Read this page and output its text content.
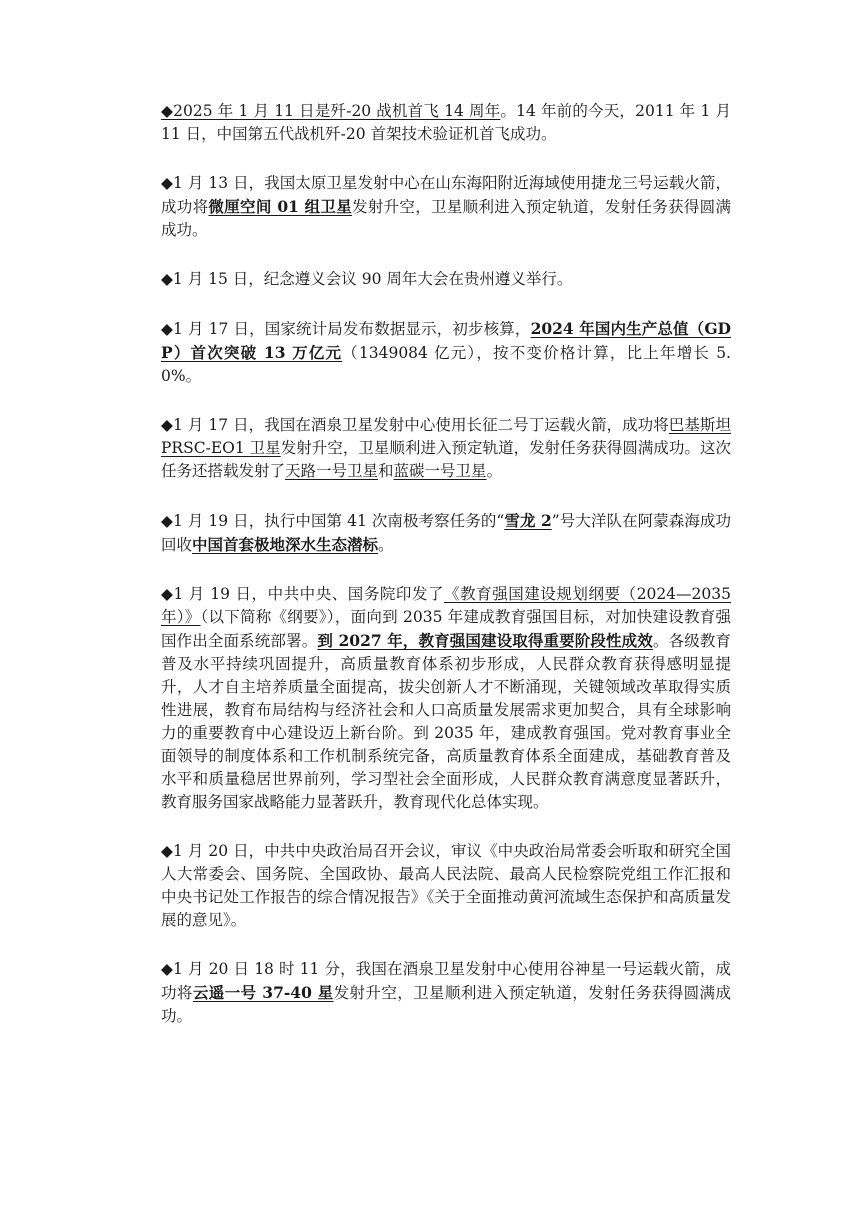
◆2025 年 1 月 11 日是歼-20 战机首飞 14 周年。14 年前的今天，2011 年 1 月 11 日，中国第五代战机歼-20 首架技术验证机首飞成功。

◆1 月 13 日，我国太原卫星发射中心在山东海阳附近海域使用捷龙三号运载火箭，成功将微厘空间 01 组卫星发射升空，卫星顺利进入预定轨道，发射任务获得圆满成功。

◆1 月 15 日，纪念遵义会议 90 周年大会在贵州遵义举行。

◆1 月 17 日，国家统计局发布数据显示，初步核算，2024 年国内生产总值（GDP）首次突破 13 万亿元（1349084 亿元），按不变价格计算，比上年增长 5.0%。

◆1 月 17 日，我国在酒泉卫星发射中心使用长征二号丁运载火箭，成功将巴基斯坦 PRSC-EO1 卫星发射升空，卫星顺利进入预定轨道，发射任务获得圆满成功。这次任务还搭载发射了天路一号卫星和蓝碳一号卫星。

◆1 月 19 日，执行中国第 41 次南极考察任务的“雪龙 2”号大洋队在阿蒙森海成功回收中国首套极地深水生态潜标。

◆1 月 19 日，中共中央、国务院印发了《教育强国建设规划纲要（2024—2035 年）》（以下简称《纲要》），面向到 2035 年建成教育强国目标，对加快建设教育强国作出全面系统部署。到 2027 年，教育强国建设取得重要阶段性成效。各级教育普及水平持续巩固提升，高质量教育体系初步形成，人民群众教育获得感明显提升，人才自主培养质量全面提高，拔尖创新人才不断涌现，关键领域改革取得实质性进展，教育布局结构与经济社会和人口高质量发展需求更加契合，具有全球影响力的重要教育中心建设迈上新台阶。到 2035 年，建成教育强国。党对教育事业全面领导的制度体系和工作机制系统完备，高质量教育体系全面建成，基础教育普及水平和质量稳居世界前列，学习型社会全面形成，人民群众教育满意度显著跃升，教育服务国家战略能力显著跃升，教育现代化总体实现。

◆1 月 20 日，中共中央政治局召开会议，审议《中央政治局常委会听取和研究全国人大常委会、国务院、全国政协、最高人民法院、最高人民检察院党组工作汇报和中央书记处工作报告的综合情况报告》《关于全面推动黄河流域生态保护和高质量发展的意见》。

◆1 月 20 日 18 时 11 分，我国在酒泉卫星发射中心使用谷神星一号运载火箭，成功将云遥一号 37-40 星发射升空，卫星顺利进入预定轨道，发射任务获得圆满成功。
